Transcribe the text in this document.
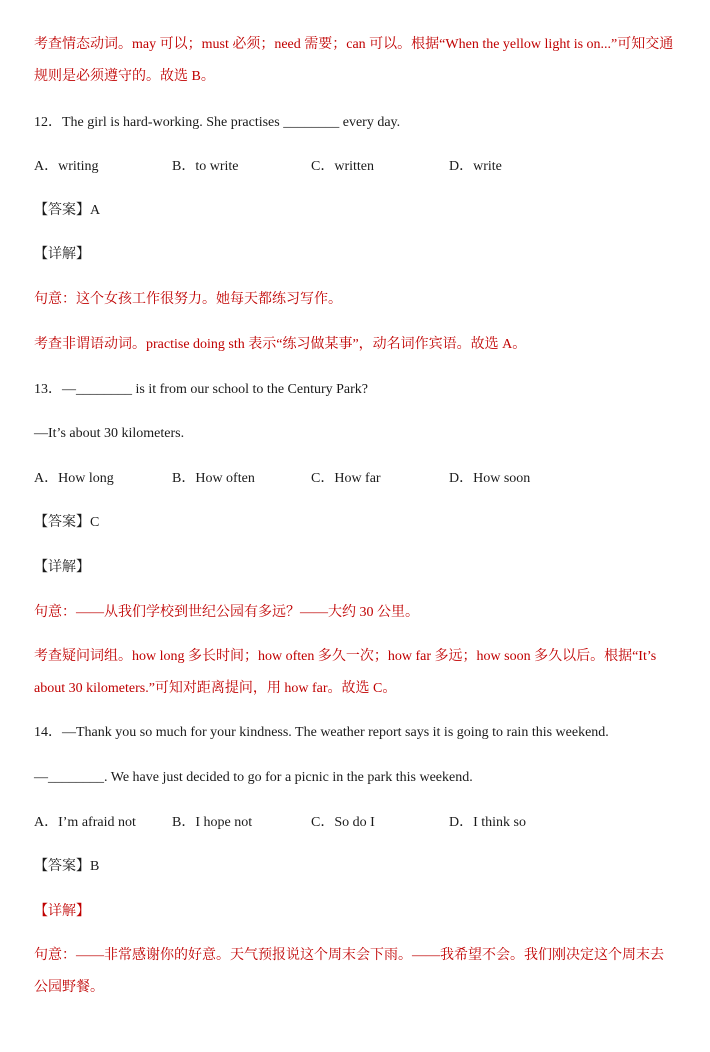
考查情态动词。may 可以；must 必须；need 需要；can 可以。根据“When the yellow light is on...”可知交通
规则是必须遵守的。故选 B。
12．The girl is hard-working. She practises ________ every day.
A．writing	B．to write	C．written	D．write
【答案】A
【详解】
句意：这个女孩工作很努力。她每天都练习写作。
考查非谓语动词。practise doing sth 表示“练习做某事”，动名词作宾语。故选 A。
13．—________ is it from our school to the Century Park?
—It’s about 30 kilometers.
A．How long	B．How often	C．How far	D．How soon
【答案】C
【详解】
句意：——从我们学校到世纪公园有多远？——大约 30 公里。
考查疑问词组。how long 多长时间；how often 多久一次；how far 多远；how soon 多久以后。根据“It’s
about 30 kilometers.”可知对距离提问，用 how far。故选 C。
14．—Thank you so much for your kindness. The weather report says it is going to rain this weekend.
—________. We have just decided to go for a picnic in the park this weekend.
A．I’m afraid not	B．I hope not	C．So do I	D．I think so
【答案】B
【详解】
句意：——非常感谢你的好意。天气预报说这个周末会下雨。——我希望不会。我们刚决定这个周末去
公园野餐。
